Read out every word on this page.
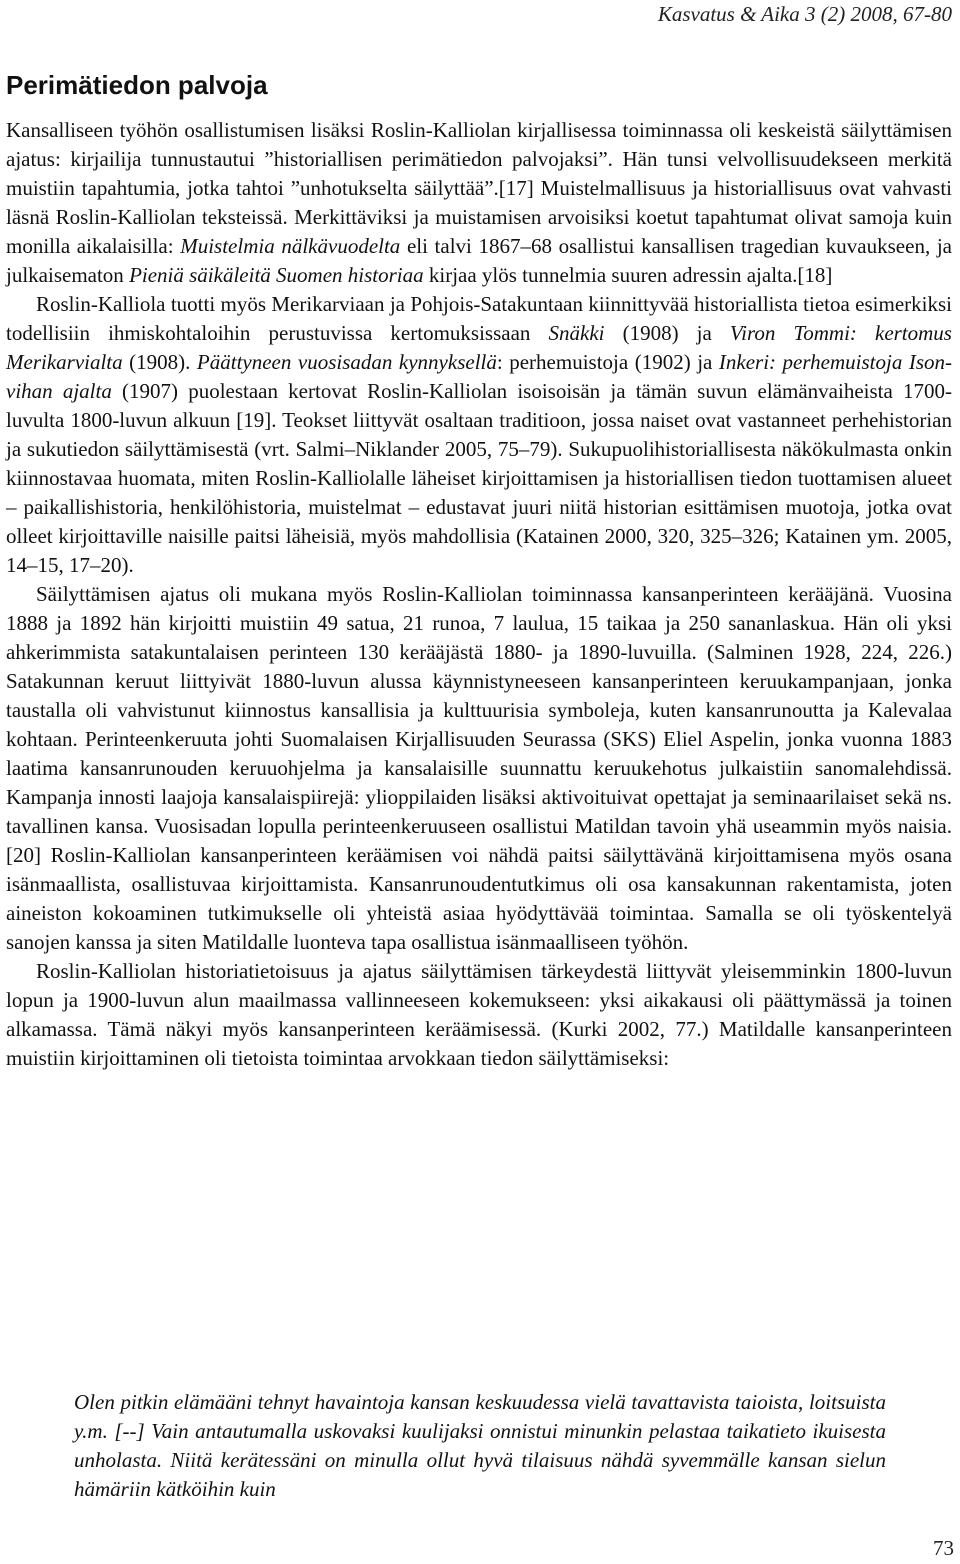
Kasvatus & Aika 3 (2) 2008, 67-80
Perimätiedon palvoja

Kansalliseen työhön osallistumisen lisäksi Roslin-Kalliolan kirjallisessa toiminnassa oli keskeistä säilyttämisen ajatus: kirjailija tunnustautui ”historiallisen perimätiedon palvojaksi”. Hän tunsi velvollisuudekseen merkitä muistiin tapahtumia, jotka tahtoi ”unhotukselta säilyttää”.[17] Muistelmallisuus ja historiallisuus ovat vahvasti läsnä Roslin-Kalliolan teksteissä. Merkittäviksi ja muistamisen arvoisiksi koetut tapahtumat olivat samoja kuin monilla aikalaisilla: Muistelmia nälkävuodelta eli talvi 1867–68 osallistui kansallisen tragedian kuvaukseen, ja julkaisematon Pieniä säikäleitä Suomen historiaa kirjaa ylös tunnelmia suuren adressin ajalta.[18]

Roslin-Kalliola tuotti myös Merikarviaan ja Pohjois-Satakuntaan kiinnittyvää historiallista tietoa esimerkiksi todellisiin ihmiskohtaloihin perustuvissa kertomuksissaan Snäkki (1908) ja Viron Tommi: kertomus Merikarvialta (1908). Päättyneen vuosisadan kynnyksellä: perhemuistoja (1902) ja Inkeri: perhemuistoja Ison-vihan ajalta (1907) puolestaan kertovat Roslin-Kalliolan isoisoisän ja tämän suvun elämänvaiheista 1700-luvulta 1800-luvun alkuun [19]. Teokset liittyvät osaltaan traditioon, jossa naiset ovat vastanneet perhehistorian ja sukutiedon säilyttämisestä (vrt. Salmi–Niklander 2005, 75–79). Sukupuolihistoriallisesta näkökulmasta onkin kiinnostavaa huomata, miten Roslin-Kalliolalle läheiset kirjoittamisen ja historiallisen tiedon tuottamisen alueet – paikallishistoria, henkilöhistoria, muistelmat – edustavat juuri niitä historian esittämisen muotoja, jotka ovat olleet kirjoittaville naisille paitsi läheisiä, myös mahdollisia (Katainen 2000, 320, 325–326; Katainen ym. 2005, 14–15, 17–20).

Säilyttämisen ajatus oli mukana myös Roslin-Kalliolan toiminnassa kansanperinteen kerääjänä. Vuosina 1888 ja 1892 hän kirjoitti muistiin 49 satua, 21 runoa, 7 laulua, 15 taikaa ja 250 sananlaskua. Hän oli yksi ahkerimmista satakuntalaisen perinteen 130 kerääjästä 1880- ja 1890-luvuilla. (Salminen 1928, 224, 226.) Satakunnan keruut liittyivät 1880-luvun alussa käynnistyneeseen kansanperinteen keruukampanjaan, jonka taustalla oli vahvistunut kiinnostus kansallisia ja kulttuurisia symboleja, kuten kansanrunoutta ja Kalevalaa kohtaan. Perinteenkeruuta johti Suomalaisen Kirjallisuuden Seurassa (SKS) Eliel Aspelin, jonka vuonna 1883 laatima kansanrunouden keruuohjelma ja kansalaisille suunnattu keruukehotus julkaistiin sanomalehdissä. Kampanja innosti laajoja kansalaispiirejä: ylioppilaiden lisäksi aktivoituivat opettajat ja seminaarilaiset sekä ns. tavallinen kansa. Vuosisadan lopulla perinteenkeruuseen osallistui Matildan tavoin yhä useammin myös naisia.[20] Roslin-Kalliolan kansanperinteen keräämisen voi nähdä paitsi säilyttävänä kirjoittamisena myös osana isänmaallista, osallistuvaa kirjoittamista. Kansanrunoudentutkimus oli osa kansakunnan rakentamista, joten aineiston kokoaminen tutkimukselle oli yhteistä asiaa hyödyttävää toimintaa. Samalla se oli työskentelyä sanojen kanssa ja siten Matildalle luonteva tapa osallistua isänmaalliseen työhön.

Roslin-Kalliolan historiatietoisuus ja ajatus säilyttämisen tärkeydestä liittyvät yleisemminkin 1800-luvun lopun ja 1900-luvun alun maailmassa vallinneeseen kokemukseen: yksi aikakausi oli päättymässä ja toinen alkamassa. Tämä näkyi myös kansanperinteen keräämisessä. (Kurki 2002, 77.) Matildalle kansanperinteen muistiin kirjoittaminen oli tietoista toimintaa arvokkaan tiedon säilyttämiseksi:

Olen pitkin elämääni tehnyt havaintoja kansan keskuudessa vielä tavattavista taioista, loitsuista y.m. [--] Vain antautumalla uskovaksi kuulijaksi onnistui minunkin pelastaa taikatieto ikuisesta unholasta. Niitä kerätessäni on minulla ollut hyvä tilaisuus nähdä syvemmälle kansan sielun hämäriin kätköihin kuin

73
